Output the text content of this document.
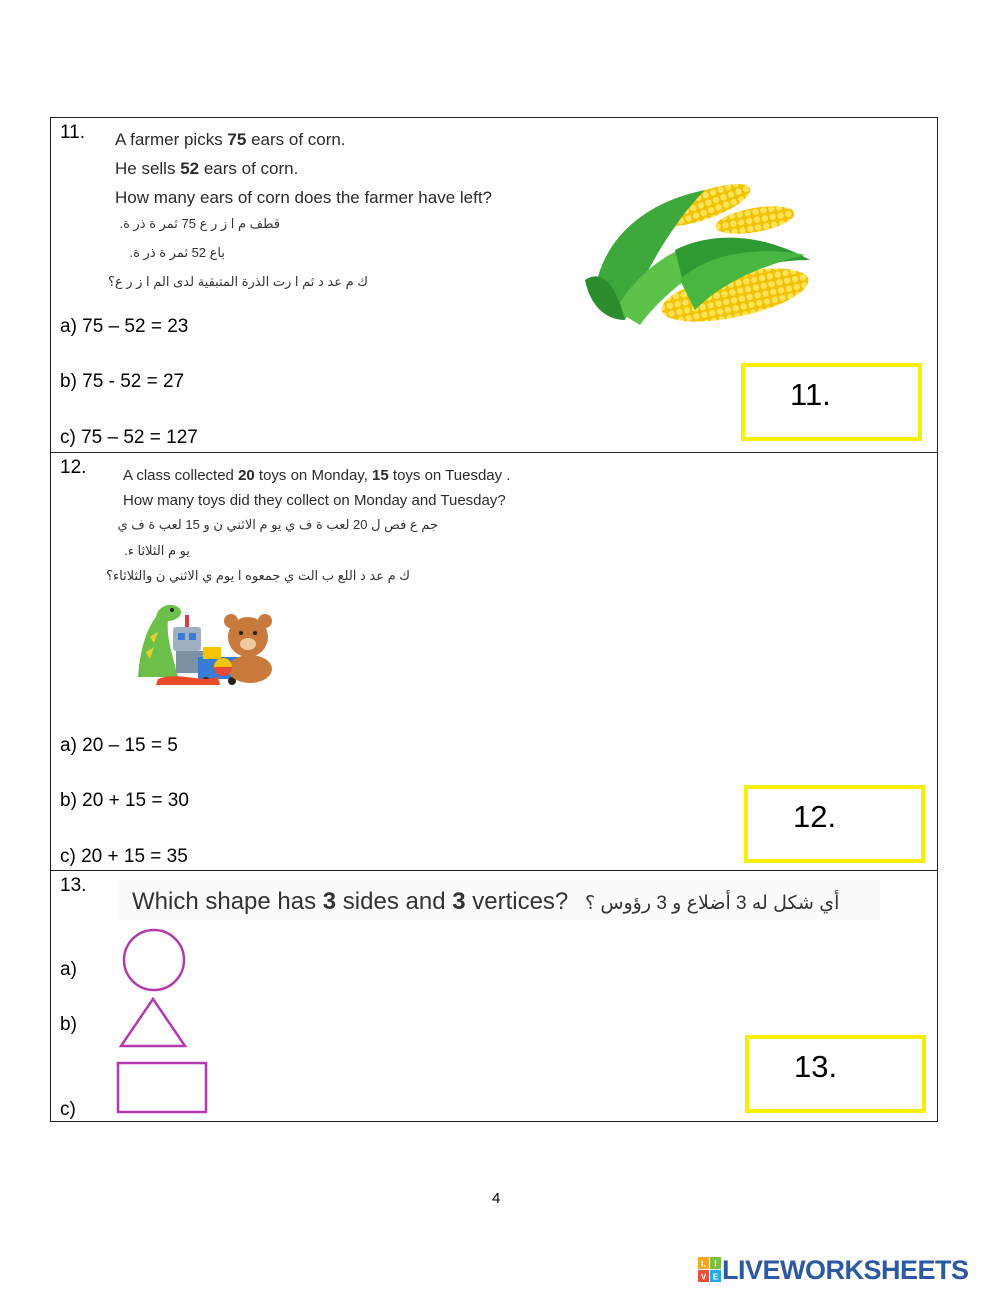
11. A farmer picks 75 ears of corn.
He sells 52 ears of corn.
How many ears of corn does the farmer have left?
قطف م ا ز ر ع 75 ثمر ة ذر ة.
باع 52 ثمر ة ذر ة.
ك م عد د ثم ا رت الذرة المتبقية لدى الم ا ز ر ع؟
a) 75 – 52 = 23
b) 75 - 52 = 27
c) 75 – 52 = 127
11.
12. A class collected 20 toys on Monday, 15 toys on Tuesday .
How many toys did they collect on Monday and Tuesday?
جم ع فص ل 20 لعب ة ف ي يو م الاثني ن و 15 لعب ة ف ي
يو م الثلاثا ء.
ك م عد د اللع ب الت ي جمعوه ا يوم ي الاثني ن والثلاثاء؟
a) 20 – 15 = 5
b) 20 + 15 = 30
c) 20 + 15 = 35
12.
13.
Which shape has 3 sides and 3 vertices? أي شكل له 3 أضلاع و 3 رؤوس ؟
a)
b)
c)
13.
4
L I
V E LIVEWORKSHEETS
